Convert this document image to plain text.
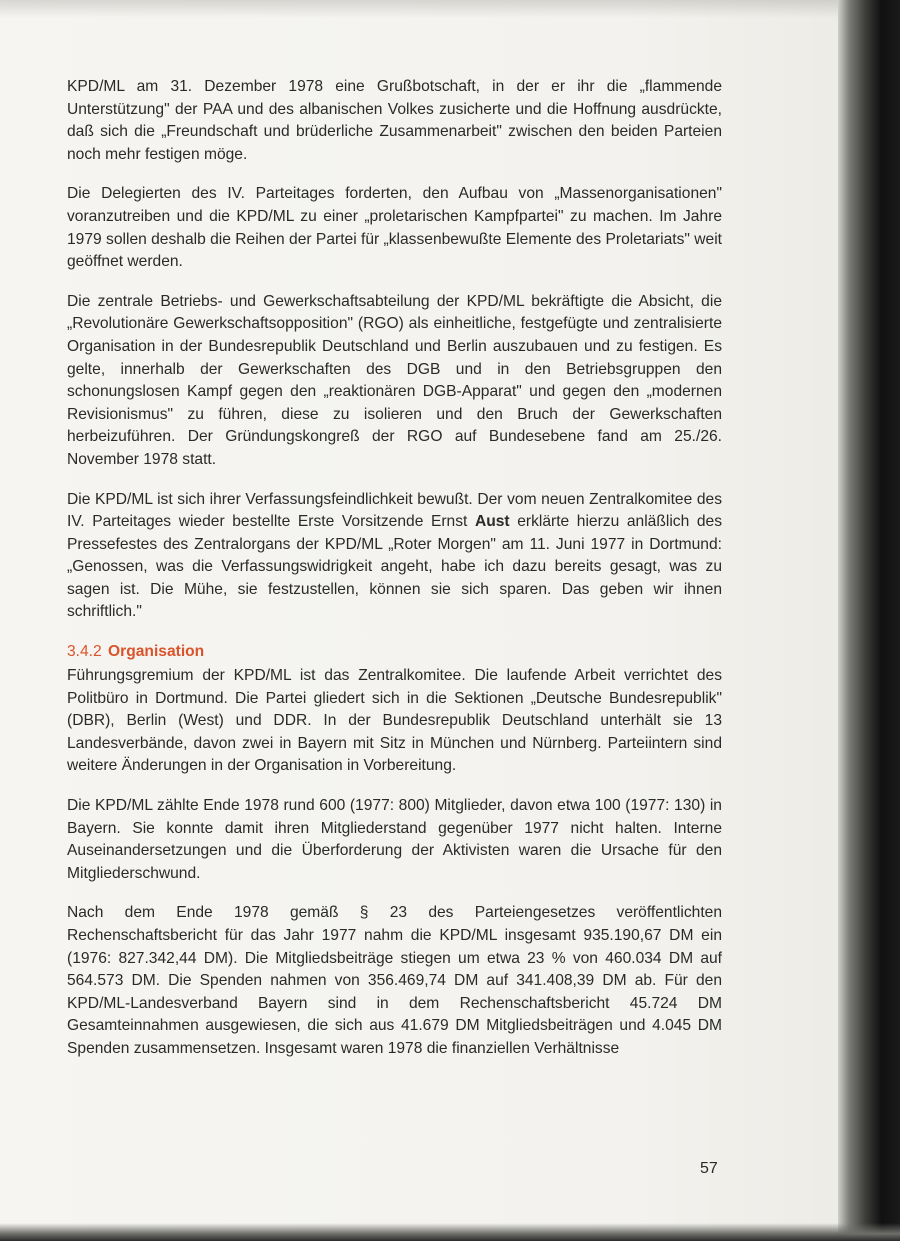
KPD/ML am 31. Dezember 1978 eine Grußbotschaft, in der er ihr die „flammende Unterstützung" der PAA und des albanischen Volkes zusicherte und die Hoffnung ausdrückte, daß sich die „Freundschaft und brüderliche Zusammenarbeit" zwischen den beiden Parteien noch mehr festigen möge.

Die Delegierten des IV. Parteitages forderten, den Aufbau von „Massenorganisationen" voranzutreiben und die KPD/ML zu einer „proletarischen Kampfpartei" zu machen. Im Jahre 1979 sollen deshalb die Reihen der Partei für „klassenbewußte Elemente des Proletariats" weit geöffnet werden.

Die zentrale Betriebs- und Gewerkschaftsabteilung der KPD/ML bekräftigte die Absicht, die „Revolutionäre Gewerkschaftsopposition" (RGO) als einheitliche, festgefügte und zentralisierte Organisation in der Bundesrepublik Deutschland und Berlin auszubauen und zu festigen. Es gelte, innerhalb der Gewerkschaften des DGB und in den Betriebsgruppen den schonungslosen Kampf gegen den „reaktionären DGB-Apparat" und gegen den „modernen Revisionismus" zu führen, diese zu isolieren und den Bruch der Gewerkschaften herbeizuführen. Der Gründungskongreß der RGO auf Bundesebene fand am 25./26. November 1978 statt.

Die KPD/ML ist sich ihrer Verfassungsfeindlichkeit bewußt. Der vom neuen Zentralkomitee des IV. Parteitages wieder bestellte Erste Vorsitzende Ernst Aust erklärte hierzu anläßlich des Pressefestes des Zentralorgans der KPD/ML „Roter Morgen" am 11. Juni 1977 in Dortmund: „Genossen, was die Verfassungswidrigkeit angeht, habe ich dazu bereits gesagt, was zu sagen ist. Die Mühe, sie festzustellen, können sie sich sparen. Das geben wir ihnen schriftlich."

3.4.2 Organisation

Führungsgremium der KPD/ML ist das Zentralkomitee. Die laufende Arbeit verrichtet des Politbüro in Dortmund. Die Partei gliedert sich in die Sektionen „Deutsche Bundesrepublik" (DBR), Berlin (West) und DDR. In der Bundesrepublik Deutschland unterhält sie 13 Landesverbände, davon zwei in Bayern mit Sitz in München und Nürnberg. Parteiintern sind weitere Änderungen in der Organisation in Vorbereitung.

Die KPD/ML zählte Ende 1978 rund 600 (1977: 800) Mitglieder, davon etwa 100 (1977: 130) in Bayern. Sie konnte damit ihren Mitgliederstand gegenüber 1977 nicht halten. Interne Auseinandersetzungen und die Überforderung der Aktivisten waren die Ursache für den Mitgliederschwund.

Nach dem Ende 1978 gemäß § 23 des Parteiengesetzes veröffentlichten Rechenschaftsbericht für das Jahr 1977 nahm die KPD/ML insgesamt 935.190,67 DM ein (1976: 827.342,44 DM). Die Mitgliedsbeiträge stiegen um etwa 23 % von 460.034 DM auf 564.573 DM. Die Spenden nahmen von 356.469,74 DM auf 341.408,39 DM ab. Für den KPD/ML-Landesverband Bayern sind in dem Rechenschaftsbericht 45.724 DM Gesamteinnahmen ausgewiesen, die sich aus 41.679 DM Mitgliedsbeiträgen und 4.045 DM Spenden zusammensetzen. Insgesamt waren 1978 die finanziellen Verhältnisse

57
